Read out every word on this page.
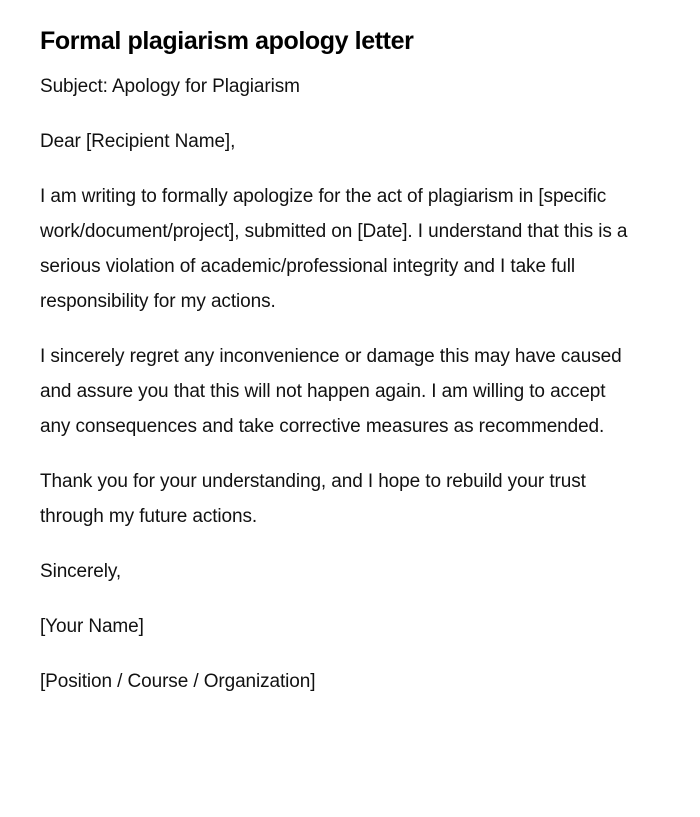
Formal plagiarism apology letter

Subject: Apology for Plagiarism

Dear [Recipient Name],

I am writing to formally apologize for the act of plagiarism in [specific work/document/project], submitted on [Date]. I understand that this is a serious violation of academic/professional integrity and I take full responsibility for my actions.

I sincerely regret any inconvenience or damage this may have caused and assure you that this will not happen again. I am willing to accept any consequences and take corrective measures as recommended.

Thank you for your understanding, and I hope to rebuild your trust through my future actions.

Sincerely,

[Your Name]

[Position / Course / Organization]
